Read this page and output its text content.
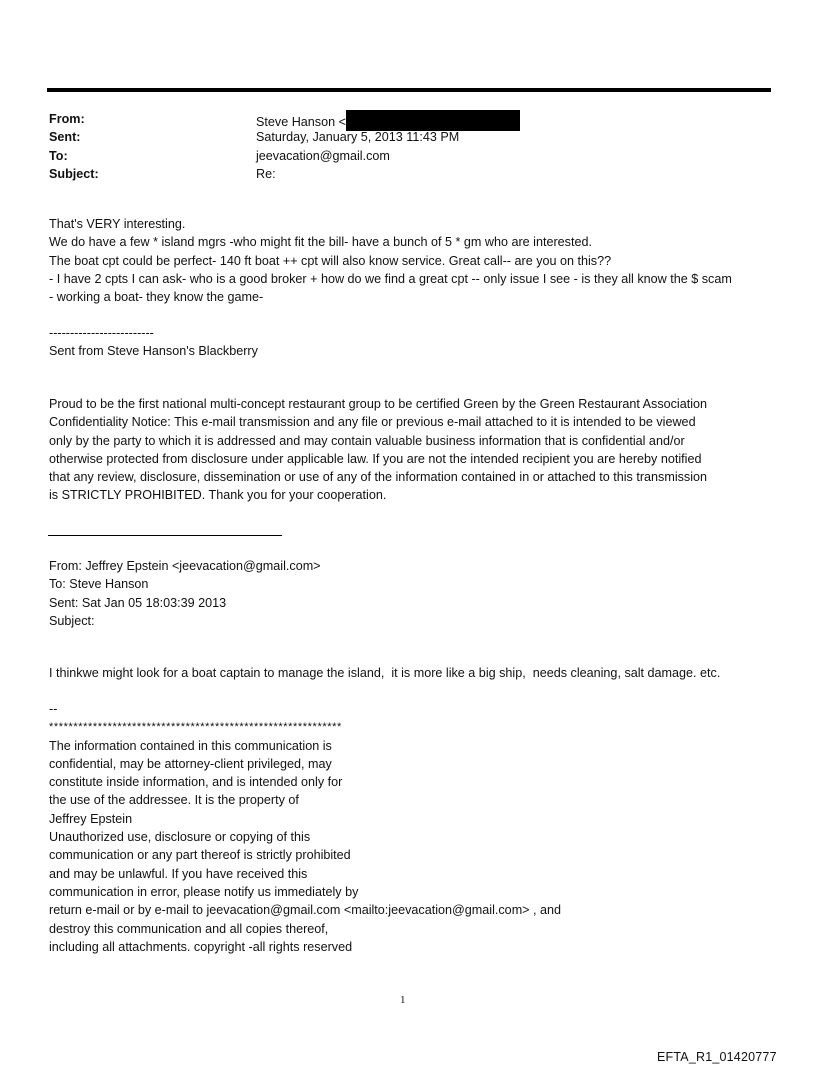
From:	Steve Hanson <
Sent:	Saturday, January 5, 2013 11:43 PM
To:	jeevacation@gmail.com
Subject:	Re:
That's VERY interesting.
We do have a few * island mgrs -who might fit the bill- have a bunch of 5 * gm who are interested.
The boat cpt could be perfect- 140 ft boat ++ cpt will also know service. Great call-- are you on this??
- I have 2 cpts I can ask- who is a good broker + how do we find a great cpt -- only issue I see - is they all know the $ scam
- working a boat- they know the game-
-------------------------
Sent from Steve Hanson's Blackberry
Proud to be the first national multi-concept restaurant group to be certified Green by the Green Restaurant Association
Confidentiality Notice: This e-mail transmission and any file or previous e-mail attached to it is intended to be viewed
only by the party to which it is addressed and may contain valuable business information that is confidential and/or
otherwise protected from disclosure under applicable law. If you are not the intended recipient you are hereby notified
that any review, disclosure, dissemination or use of any of the information contained in or attached to this transmission
is STRICTLY PROHIBITED. Thank you for your cooperation.
From: Jeffrey Epstein <jeevacation@gmail.com>
To: Steve Hanson
Sent: Sat Jan 05 18:03:39 2013
Subject:
I thinkwe might look for a boat captain to manage the island,  it is more like a big ship,  needs cleaning, salt damage. etc.
--
************************************************************
The information contained in this communication is
confidential, may be attorney-client privileged, may
constitute inside information, and is intended only for
the use of the addressee. It is the property of
Jeffrey Epstein
Unauthorized use, disclosure or copying of this
communication or any part thereof is strictly prohibited
and may be unlawful. If you have received this
communication in error, please notify us immediately by
return e-mail or by e-mail to jeevacation@gmail.com <mailto:jeevacation@gmail.com> , and
destroy this communication and all copies thereof,
including all attachments. copyright -all rights reserved
1
EFTA_R1_01420777
